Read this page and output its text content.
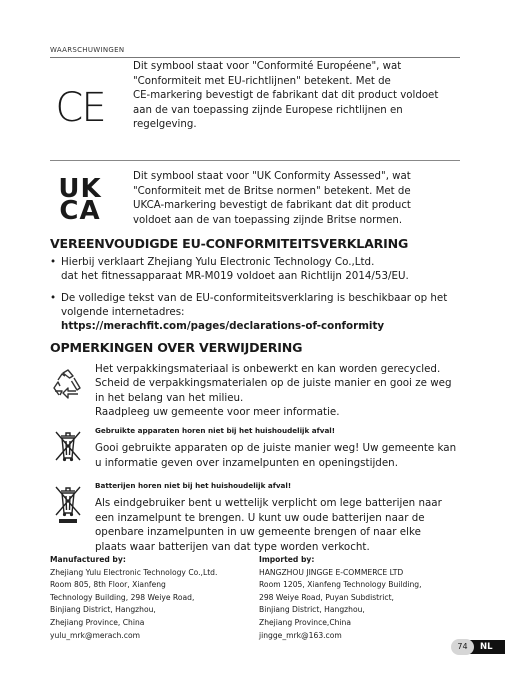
WAARSCHUWINGEN
CE
Dit symbool staat voor "Conformité Européene", wat
"Conformiteit met EU-richtlijnen" betekent. Met de
CE-markering bevestigt de fabrikant dat dit product voldoet
aan de van toepassing zijnde Europese richtlijnen en
regelgeving.
UK
CA
Dit symbool staat voor "UK Conformity Assessed", wat
"Conformiteit met de Britse normen" betekent. Met de
UKCA-markering bevestigt de fabrikant dat dit product
voldoet aan de van toepassing zijnde Britse normen.
VEREENVOUDIGDE EU-CONFORMITEITSVERKLARING
• Hierbij verklaart Zhejiang Yulu Electronic Technology Co.,Ltd.
dat het fitnessapparaat MR-M019 voldoet aan Richtlijn 2014/53/EU.
• De volledige tekst van de EU-conformiteitsverklaring is beschikbaar op het
volgende internetadres:
https://merachfit.com/pages/declarations-of-conformity
OPMERKINGEN OVER VERWIJDERING
Het verpakkingsmateriaal is onbewerkt en kan worden gerecycled.
Scheid de verpakkingsmaterialen op de juiste manier en gooi ze weg
in het belang van het milieu.
Raadpleeg uw gemeente voor meer informatie.
Gebruikte apparaten horen niet bij het huishoudelijk afval!
Gooi gebruikte apparaten op de juiste manier weg! Uw gemeente kan
u informatie geven over inzamelpunten en openingstijden.
Batterijen horen niet bij het huishoudelijk afval!
Als eindgebruiker bent u wettelijk verplicht om lege batterijen naar
een inzamelpunt te brengen. U kunt uw oude batterijen naar de
openbare inzamelpunten in uw gemeente brengen of naar elke
plaats waar batterijen van dat type worden verkocht.
Manufactured by:
Zhejiang Yulu Electronic Technology Co.,Ltd.
Room 805, 8th Floor, Xianfeng
Technology Building, 298 Weiye Road,
Binjiang District, Hangzhou,
Zhejiang Province, China
yulu_mrk@merach.com
Imported by:
HANGZHOU JINGGE E-COMMERCE LTD
Room 1205, Xianfeng Technology Building,
298 Weiye Road, Puyan Subdistrict,
Binjiang District, Hangzhou,
Zhejiang Province,China
jingge_mrk@163.com
NL
74
